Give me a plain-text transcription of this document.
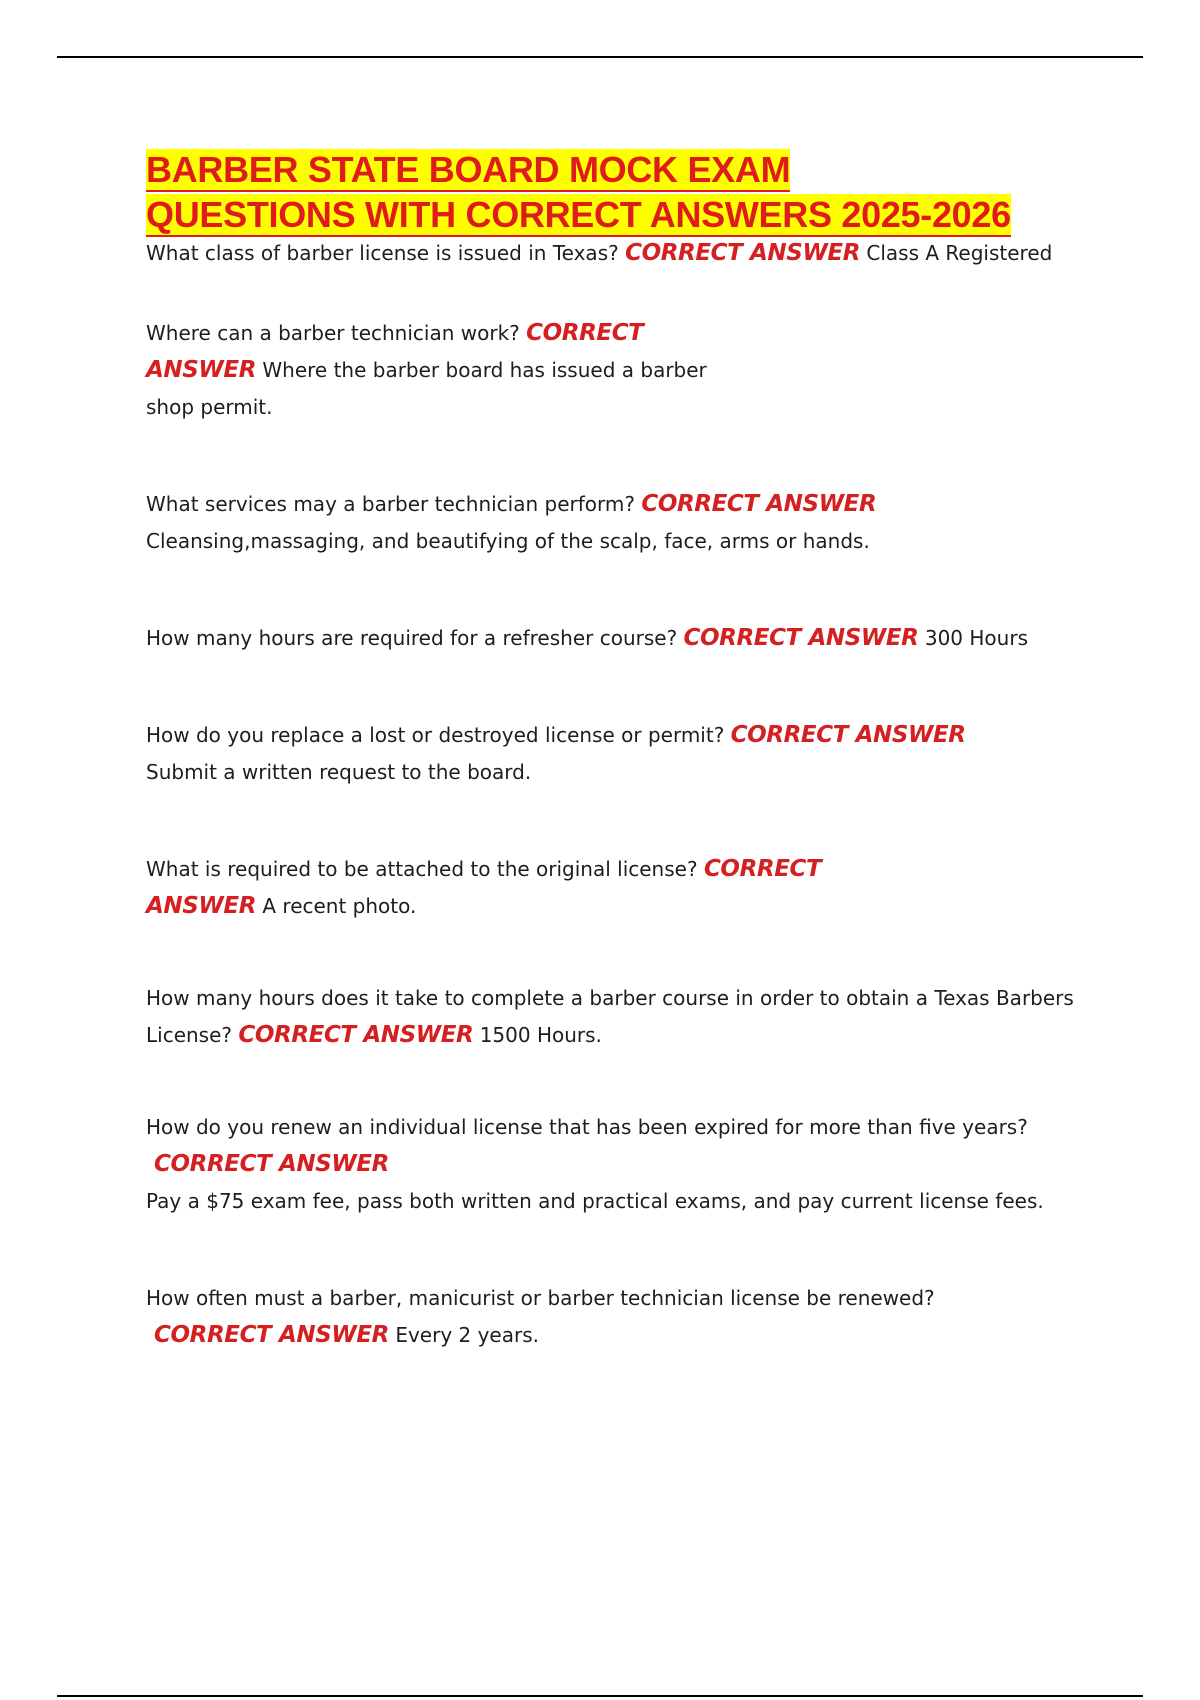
BARBER STATE BOARD MOCK EXAM
QUESTIONS WITH CORRECT ANSWERS 2025-2026

What class of barber license is issued in Texas? CORRECT ANSWER Class A Registered

Where can a barber technician work? CORRECT ANSWER Where the barber board has issued a barber shop permit.

What services may a barber technician perform? CORRECT ANSWER
Cleansing,massaging, and beautifying of the scalp, face, arms or hands.

How many hours are required for a refresher course? CORRECT ANSWER 300 Hours

How do you replace a lost or destroyed license or permit? CORRECT ANSWER
Submit a written request to the board.

What is required to be attached to the original license? CORRECT ANSWER A recent photo.

How many hours does it take to complete a barber course in order to obtain a Texas Barbers License? CORRECT ANSWER 1500 Hours.

How do you renew an individual license that has been expired for more than five years?
CORRECT ANSWER
Pay a $75 exam fee, pass both written and practical exams, and pay current license fees.

How often must a barber, manicurist or barber technician license be renewed?
CORRECT ANSWER Every 2 years.
